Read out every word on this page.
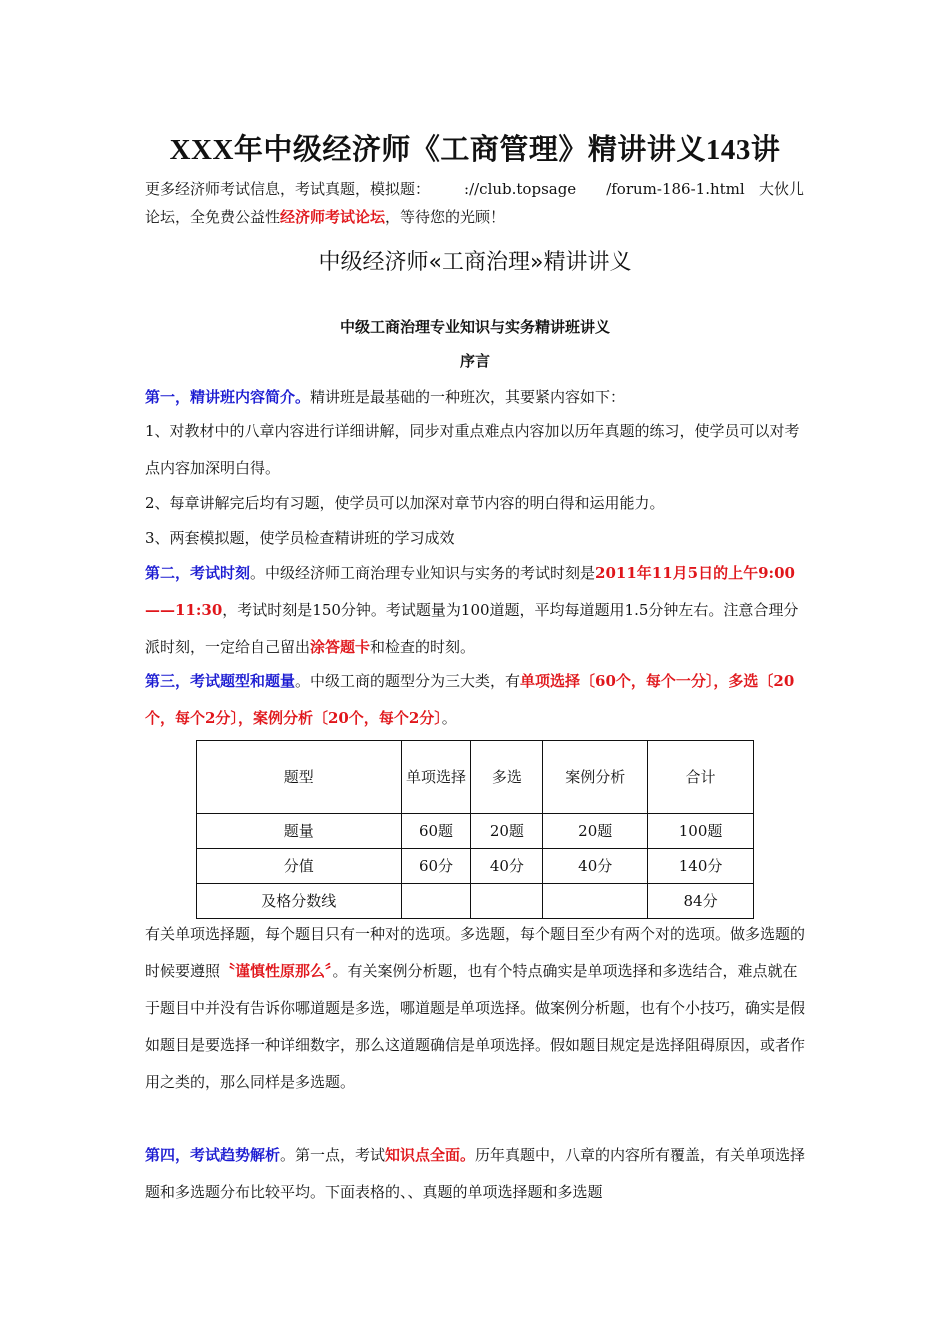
XXX年中级经济师《工商管理》精讲讲义143讲
更多经济师考试信息，考试真题，模拟题： ://club.topsage /forum-186-1.html 大伙儿论坛，全免费公益性经济师考试论坛，等待您的光顾！
中级经济师«工商治理»精讲讲义
中级工商治理专业知识与实务精讲班讲义
序言

第一，精讲班内容简介。精讲班是最基础的一种班次，其要紧内容如下：

1、对教材中的八章内容进行详细讲解，同步对重点难点内容加以历年真题的练习，使学员可以对考点内容加深明白得。

2、每章讲解完后均有习题，使学员可以加深对章节内容的明白得和运用能力。

3、两套模拟题，使学员检查精讲班的学习成效

第二，考试时刻。中级经济师工商治理专业知识与实务的考试时刻是2011年11月5日的上午9:00——11:30，考试时刻是150分钟。考试题量为100道题，平均每道题用1.5分钟左右。注意合理分派时刻，一定给自己留出涂答题卡和检查的时刻。

第三，考试题型和题量。中级工商的题型分为三大类，有单项选择〔60个，每个一分〕，多选〔20个，每个2分〕，案例分析〔20个，每个2分〕。

题型	单项选择	多选	案例分析	合计
题量	60题	20题	20题	100题
分值	60分	40分	40分	140分
及格分数线				84分

有关单项选择题，每个题目只有一种对的选项。多选题，每个题目至少有两个对的选项。做多选题的时候要遵照〝谨慎性原那么〞。有关案例分析题，也有个特点确实是单项选择和多选结合，难点就在于题目中并没有告诉你哪道题是多选，哪道题是单项选择。做案例分析题，也有个小技巧，确实是假如题目是要选择一种详细数字，那么这道题确信是单项选择。假如题目规定是选择阻碍原因，或者作用之类的，那么同样是多选题。

第四，考试趋势解析。第一点，考试知识点全面。历年真题中，八章的内容所有覆盖，有关单项选择题和多选题分布比较平均。下面表格的、、真题的单项选择题和多选题
